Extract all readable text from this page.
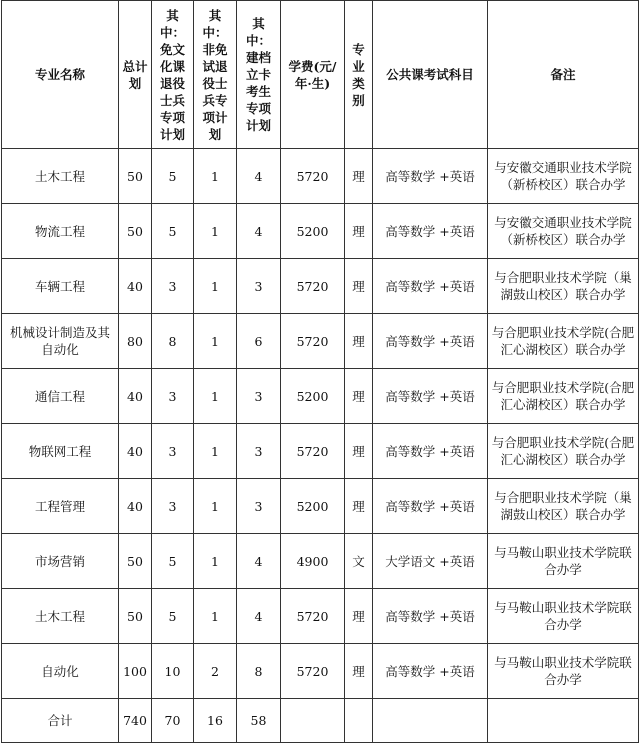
专业名称	总计划	其中：免文化课退役士兵专项计划	其中：非免试退役士兵专项计划	其中：建档立卡考生专项计划	学费(元/年·生)	专业类别	公共课考试科目	备注
土木工程	50	5	1	4	5720	理	高等数学 +英语	与安徽交通职业技术学院（新桥校区）联合办学
物流工程	50	5	1	4	5200	理	高等数学 +英语	与安徽交通职业技术学院（新桥校区）联合办学
车辆工程	40	3	1	3	5720	理	高等数学 +英语	与合肥职业技术学院（巢湖鼓山校区）联合办学
机械设计制造及其自动化	80	8	1	6	5720	理	高等数学 +英语	与合肥职业技术学院(合肥汇心湖校区）联合办学
通信工程	40	3	1	3	5200	理	高等数学 +英语	与合肥职业技术学院(合肥汇心湖校区）联合办学
物联网工程	40	3	1	3	5720	理	高等数学 +英语	与合肥职业技术学院(合肥汇心湖校区）联合办学
工程管理	40	3	1	3	5200	理	高等数学 +英语	与合肥职业技术学院（巢湖鼓山校区）联合办学
市场营销	50	5	1	4	4900	文	大学语文 +英语	与马鞍山职业技术学院联合办学
土木工程	50	5	1	4	5720	理	高等数学 +英语	与马鞍山职业技术学院联合办学
自动化	100	10	2	8	5720	理	高等数学 +英语	与马鞍山职业技术学院联合办学
合计	740	70	16	58				
